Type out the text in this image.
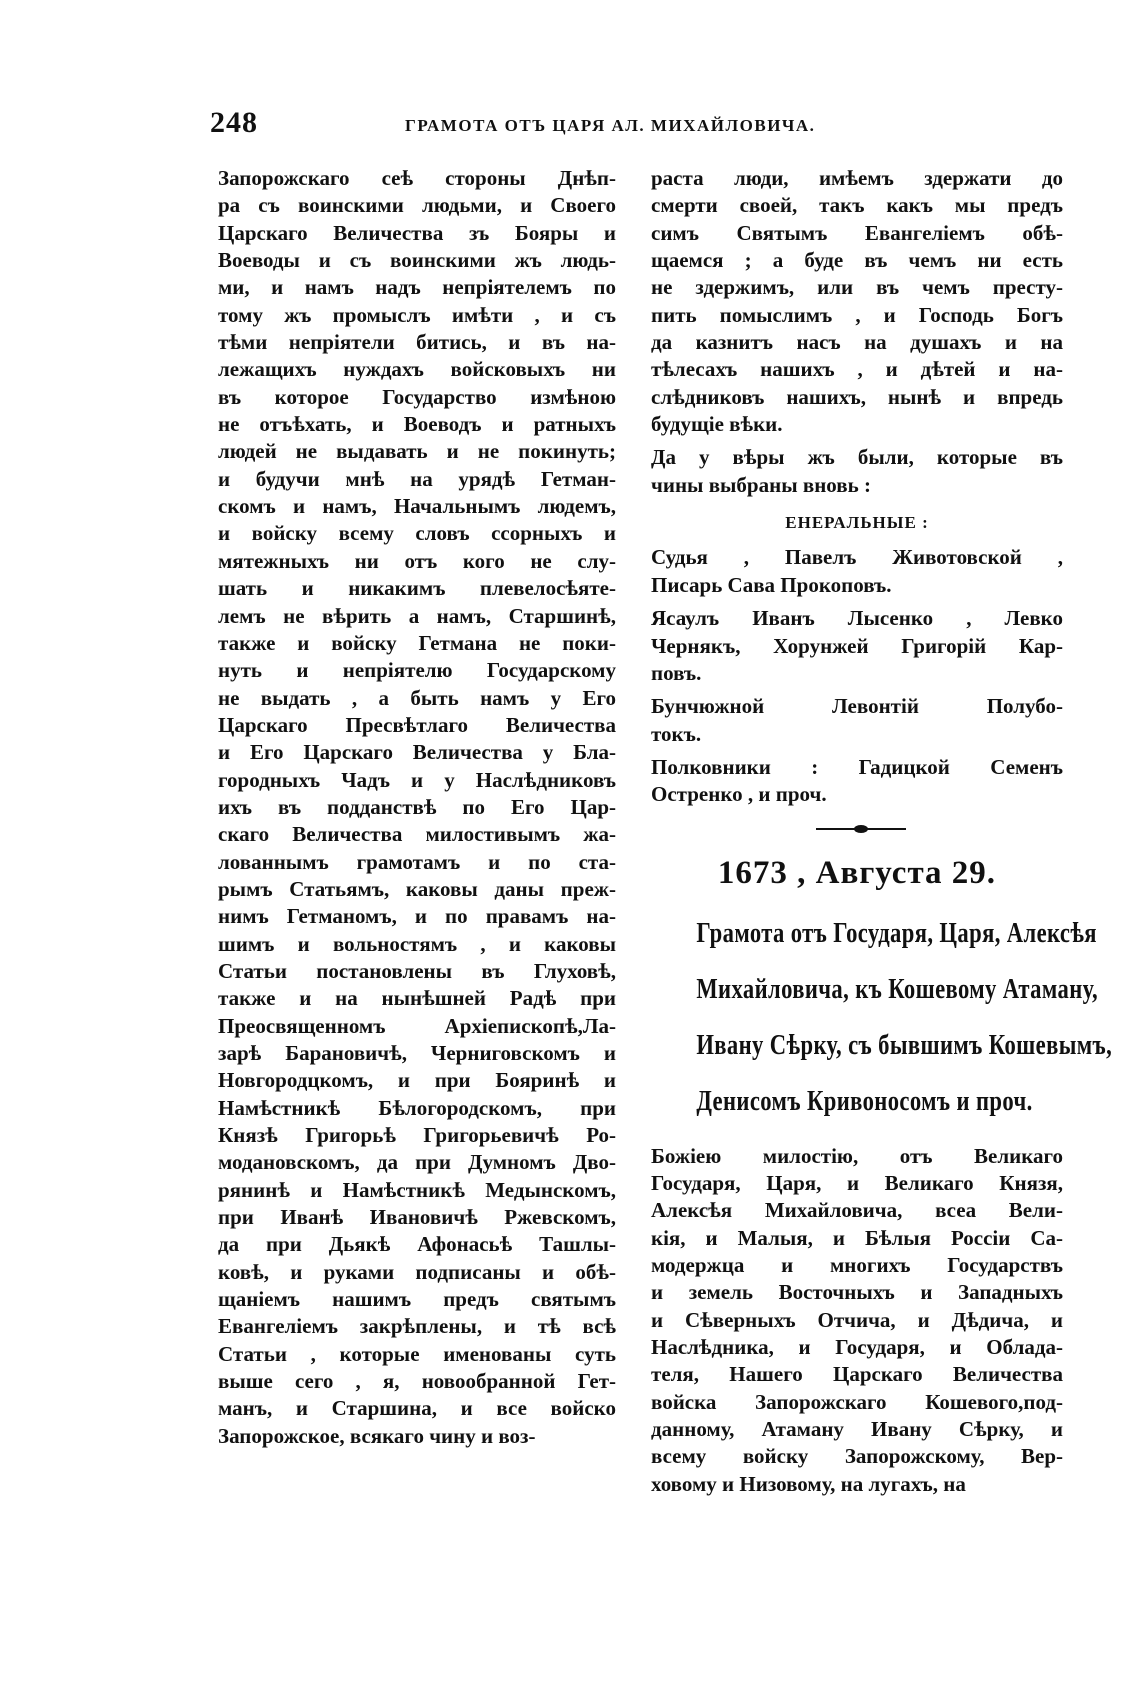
248	ГРАМОТА ОТЪ ЦАРЯ АЛ. МИХАЙЛОВИЧА.
Запорожскаго сеѣ стороны Днѣп-
ра съ воинскими людьми, и Своего
Царскаго Величества зъ Бояры и
Воеводы и съ воинскими жъ людь-
ми, и намъ надъ непріятелемъ по
тому жъ промыслъ имѣти , и съ
тѣми непріятели битись, и въ на-
лежащихъ нуждахъ войсковыхъ ни
въ которое Государство измѣною
не отъѣхать, и Воеводъ и ратныхъ
людей не выдавать и не покинуть;
и будучи мнѣ на урядѣ Гетман-
скомъ и намъ, Начальнымъ людемъ,
и войску всему словъ ссорныхъ и
мятежныхъ ни отъ кого не слу-
шать и никакимъ плевелосѣяте-
лемъ не вѣрить а намъ, Старшинѣ,
также и войску Гетмана не поки-
нуть и непріятелю Государскому
не выдать , а быть намъ у Его
Царскаго Пресвѣтлаго Величества
и Его Царскаго Величества у Бла-
городныхъ Чадъ и у Наслѣдниковъ
ихъ въ подданствѣ по Его Цар-
скаго Величества милостивымъ жа-
лованнымъ грамотамъ и по ста-
рымъ Статьямъ, каковы даны преж-
нимъ Гетманомъ, и по правамъ на-
шимъ и вольностямъ , и каковы
Статьи постановлены въ Глуховѣ,
также и на нынѣшней Радѣ при
Преосвященномъ Архіепископѣ,Ла-
зарѣ Барановичѣ, Черниговскомъ и
Новгородцкомъ, и при Бояринѣ и
Намѣстникѣ Бѣлогородскомъ, при
Князѣ Григорьѣ Григорьевичѣ Ро-
модановскомъ, да при Думномъ Дво-
рянинѣ и Намѣстникѣ Медынскомъ,
при Иванѣ Ивановичѣ Ржевскомъ,
да при Дьякѣ Афонасьѣ Ташлы-
ковѣ, и руками подписаны и обѣ-
щаніемъ нашимъ предъ святымъ
Евангеліемъ закрѣплены, и тѣ всѣ
Статьи , которые именованы суть
выше сего , я, новообранной Гет-
манъ, и Старшина, и все войско
Запорожское, всякаго чину и воз-
раста люди, имѣемъ здержати до
смерти своей, такъ какъ мы предъ
симъ Святымъ Евангеліемъ обѣ-
щаемся ; а буде въ чемъ ни есть
не здержимъ, или въ чемъ престу-
пить помыслимъ , и Господь Богъ
да казнитъ насъ на душахъ и на
тѣлесахъ нашихъ , и дѣтей и на-
слѣдниковъ нашихъ, нынѣ и впредь
будущіе вѣки.
Да у вѣры жъ были, которые въ
чины выбраны вновь :
ЕНЕРАЛЬНЫЕ :
Судья , Павелъ Животовской ,
Писарь Сава Прокоповъ.
Ясаулъ Иванъ Лысенко , Левко
Чернякъ, Хорунжей Григорій Кар-
повъ.
Бунчюжной Левонтій Полубо-
токъ.
Полковники : Гадицкой Семенъ
Остренко , и проч.
1673 , Августа 29.
Грамота отъ Государя, Царя, Алексѣя
Михайловича, къ Кошевому Атаману,
Ивану Сѣрку, съ бывшимъ Кошевымъ,
Денисомъ Кривоносомъ и проч.
Божіею милостію, отъ Великаго
Государя, Царя, и Великаго Князя,
Алексѣя Михайловича, всеа Вели-
кія, и Малыя, и Бѣлыя Россіи Са-
модержца и многихъ Государствъ
и земель Восточныхъ и Западныхъ
и Сѣверныхъ Отчича, и Дѣдича, и
Наслѣдника, и Государя, и Облада-
теля, Нашего Царскаго Величества
войска Запорожскаго Кошевого,под-
данному, Атаману Ивану Сѣрку, и
всему войску Запорожскому, Вер-
ховому и Низовому, на лугахъ, на
